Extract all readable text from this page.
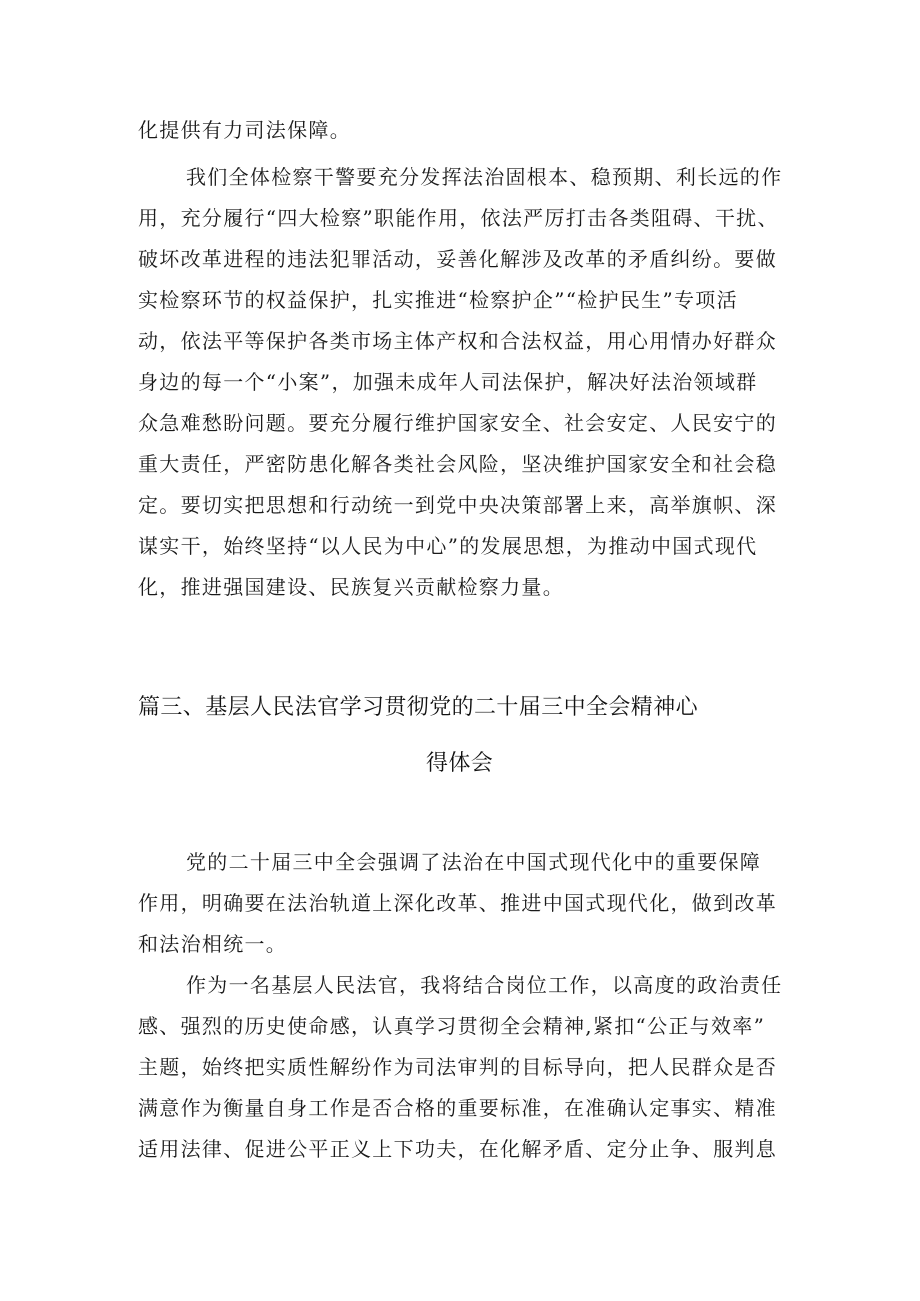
化提供有力司法保障。
我们全体检察干警要充分发挥法治固根本、稳预期、利长远的作
用，充分履行“四大检察”职能作用，依法严厉打击各类阻碍、干扰、
破坏改革进程的违法犯罪活动，妥善化解涉及改革的矛盾纠纷。要做
实检察环节的权益保护，扎实推进“检察护企”“检护民生”专项活
动，依法平等保护各类市场主体产权和合法权益，用心用情办好群众
身边的每一个“小案”，加强未成年人司法保护，解决好法治领域群
众急难愁盼问题。要充分履行维护国家安全、社会安定、人民安宁的
重大责任，严密防患化解各类社会风险，坚决维护国家安全和社会稳
定。要切实把思想和行动统一到党中央决策部署上来，高举旗帜、深
谋实干，始终坚持“以人民为中心”的发展思想，为推动中国式现代
化，推进强国建设、民族复兴贡献检察力量。
篇三、基层人民法官学习贯彻党的二十届三中全会精神心
得体会
党的二十届三中全会强调了法治在中国式现代化中的重要保障
作用，明确要在法治轨道上深化改革、推进中国式现代化，做到改革
和法治相统一。
作为一名基层人民法官，我将结合岗位工作，以高度的政治责任
感、强烈的历史使命感，认真学习贯彻全会精神,紧扣“公正与效率”
主题，始终把实质性解纷作为司法审判的目标导向，把人民群众是否
满意作为衡量自身工作是否合格的重要标准，在准确认定事实、精准
适用法律、促进公平正义上下功夫，在化解矛盾、定分止争、服判息
